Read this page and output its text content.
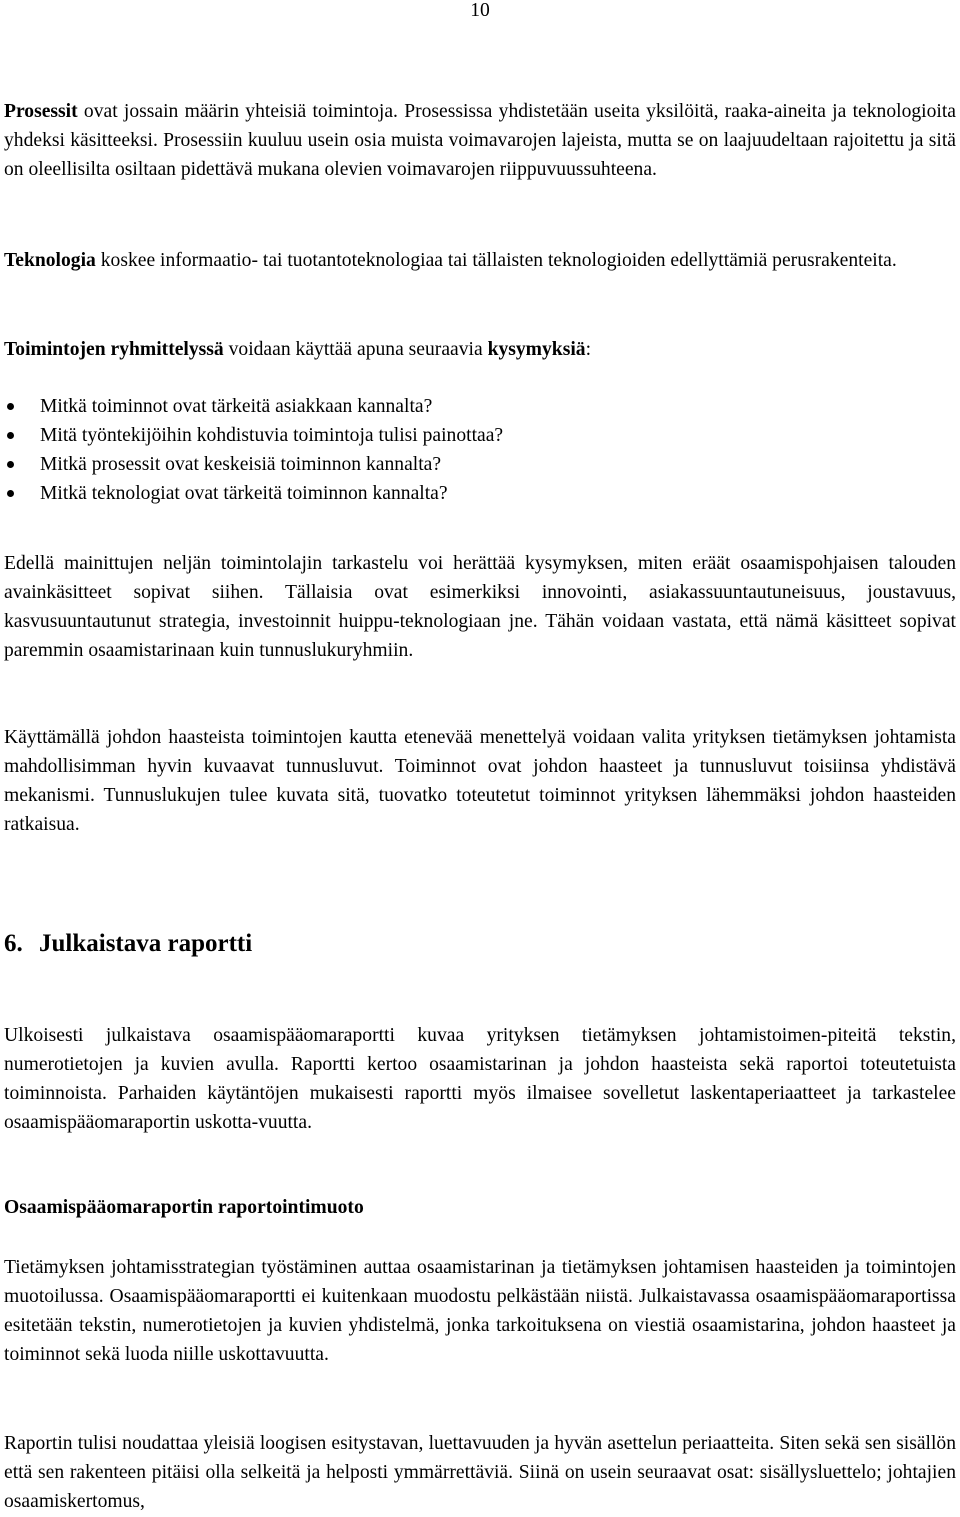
10

Prosessit ovat jossain määrin yhteisiä toimintoja. Prosessissa yhdistetään useita yksilöitä, raaka-aineita ja teknologioita yhdeksi käsitteeksi. Prosessiin kuuluu usein osia muista voimavarojen lajeista, mutta se on laajuudeltaan rajoitettu ja sitä on oleellisilta osiltaan pidettävä mukana olevien voimavarojen riippuvuussuhteena.

Teknologia koskee informaatio- tai tuotantoteknologiaa tai tällaisten teknologioiden edellyttämiä perusrakenteita.

Toimintojen ryhmittelyssä voidaan käyttää apuna seuraavia kysymyksiä:

Mitkä toiminnot ovat tärkeitä asiakkaan kannalta?
Mitä työntekijöihin kohdistuvia toimintoja tulisi painottaa?
Mitkä prosessit ovat keskeisiä toiminnon kannalta?
Mitkä teknologiat ovat tärkeitä toiminnon kannalta?

Edellä mainittujen neljän toimintolajin tarkastelu voi herättää kysymyksen, miten eräät osaamispohjaisen talouden avainkäsitteet sopivat siihen. Tällaisia ovat esimerkiksi innovointi, asiakassuuntautuneisuus, joustavuus, kasvusuuntautunut strategia, investoinnit huippu-teknologiaan jne. Tähän voidaan vastata, että nämä käsitteet sopivat paremmin osaamistarinaan kuin tunnuslukuryhmiin.

Käyttämällä johdon haasteista toimintojen kautta etenevää menettelyä voidaan valita yrityksen tietämyksen johtamista mahdollisimman hyvin kuvaavat tunnusluvut. Toiminnot ovat johdon haasteet ja tunnusluvut toisiinsa yhdistävä mekanismi. Tunnuslukujen tulee kuvata sitä, tuovatko toteutetut toiminnot yrityksen lähemmäksi johdon haasteiden ratkaisua.

6. Julkaistava raportti

Ulkoisesti julkaistava osaamispääomaraportti kuvaa yrityksen tietämyksen johtamistoimen-piteitä tekstin, numerotietojen ja kuvien avulla. Raportti kertoo osaamistarinan ja johdon haasteista sekä raportoi toteutetuista toiminnoista. Parhaiden käytäntöjen mukaisesti raportti myös ilmaisee sovelletut laskentaperiaatteet ja tarkastelee osaamispääomaraportin uskotta-vuutta.

Osaamispääomaraportin raportointimuoto

Tietämyksen johtamisstrategian työstäminen auttaa osaamistarinan ja tietämyksen johtamisen haasteiden ja toimintojen muotoilussa. Osaamispääomaraportti ei kuitenkaan muodostu pelkästään niistä. Julkaistavassa osaamispääomaraportissa esitetään tekstin, numerotietojen ja kuvien yhdistelmä, jonka tarkoituksena on viestiä osaamistarina, johdon haasteet ja toiminnot sekä luoda niille uskottavuutta.

Raportin tulisi noudattaa yleisiä loogisen esitystavan, luettavuuden ja hyvän asettelun periaatteita. Siten sekä sen sisällön että sen rakenteen pitäisi olla selkeitä ja helposti ymmärrettäviä. Siinä on usein seuraavat osat: sisällysluettelo; johtajien osaamiskertomus,
